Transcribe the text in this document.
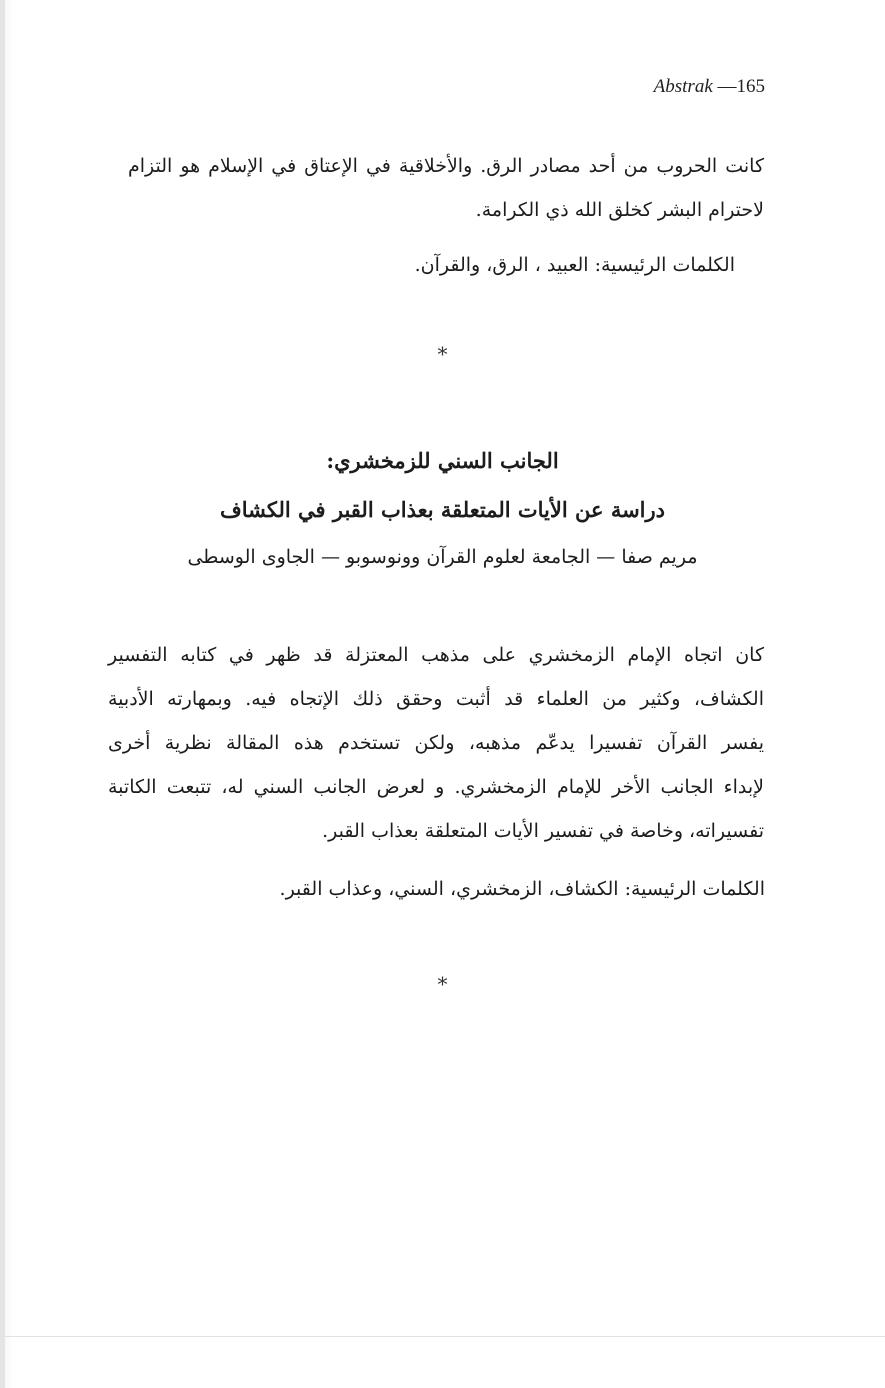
Abstrak —165
كانت الحروب من أحد مصادر الرق. والأخلاقية في الإعتاق في الإسلام هو التزام
لاحترام البشر كخلق الله ذي الكرامة.
الكلمات الرئيسية: العبيد ، الرق، والقرآن.
*
الجانب السني للزمخشري:
دراسة عن الأيات المتعلقة بعذاب القبر في الكشاف
مريم صفا — الجامعة لعلوم القرآن وونوسوبو — الجاوى الوسطى
كان اتجاه الإمام الزمخشري على مذهب المعتزلة قد ظهر في كتابه التفسير
الكشاف، وكثير من العلماء قد أثبت وحقق ذلك الإتجاه فيه. وبمهارته الأدبية
يفسر القرآن تفسيرا يدعّم مذهبه، ولكن تستخدم هذه المقالة نظرية أخرى
لإبداء الجانب الأخر للإمام الزمخشري. و لعرض الجانب السني له، تتبعت الكاتبة
تفسيراته، وخاصة في تفسير الأيات المتعلقة بعذاب القبر.
الكلمات الرئيسية: الكشاف، الزمخشري، السني، وعذاب القبر.
*
